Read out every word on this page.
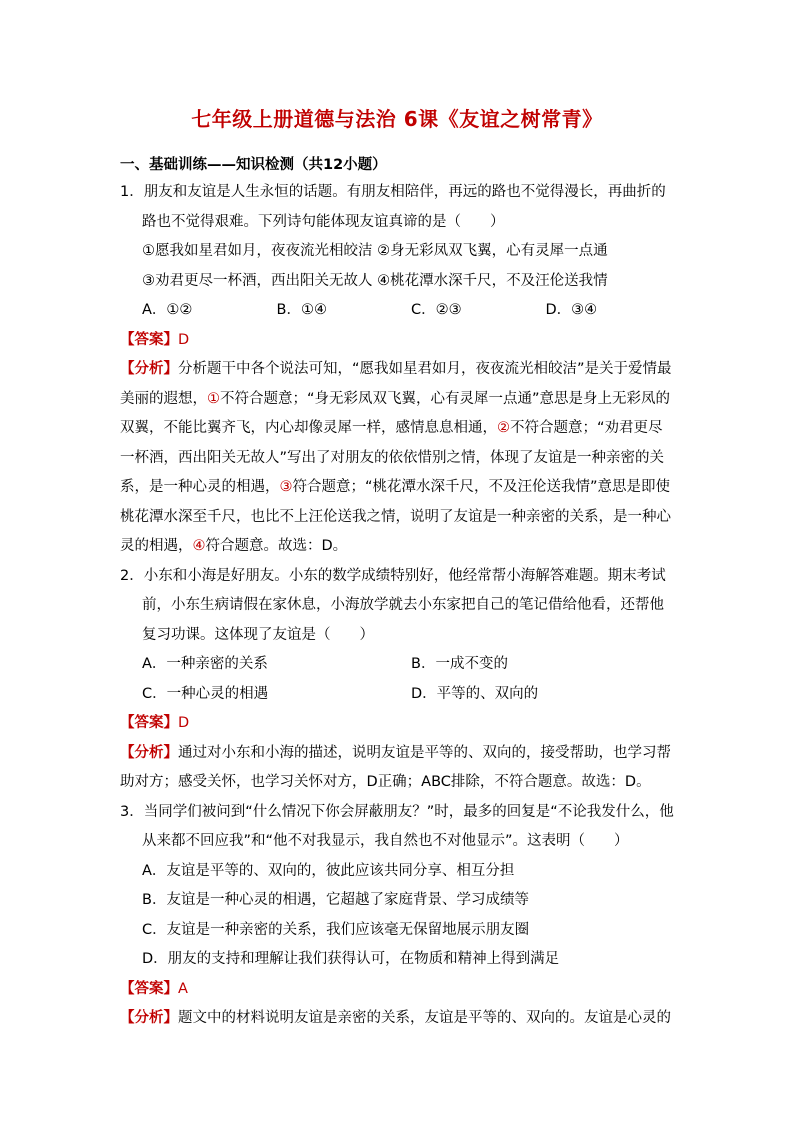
七年级上册道德与法治 6课《友谊之树常青》
一、基础训练——知识检测（共12小题）
1．朋友和友谊是人生永恒的话题。有朋友相陪伴，再远的路也不觉得漫长，再曲折的
路也不觉得艰难。下列诗句能体现友谊真谛的是（　　）
①愿我如星君如月，夜夜流光相皎洁 ②身无彩凤双飞翼，心有灵犀一点通
③劝君更尽一杯酒，西出阳关无故人 ④桃花潭水深千尺，不及汪伦送我情
A．①②	B．①④	C．②③	D．③④
【答案】D
【分析】分析题干中各个说法可知，“愿我如星君如月，夜夜流光相皎洁”是关于爱情最
美丽的遐想，①不符合题意；“身无彩凤双飞翼，心有灵犀一点通”意思是身上无彩凤的
双翼，不能比翼齐飞，内心却像灵犀一样，感情息息相通，②不符合题意；“劝君更尽
一杯酒，西出阳关无故人”写出了对朋友的依依惜别之情，体现了友谊是一种亲密的关
系，是一种心灵的相遇，③符合题意；“桃花潭水深千尺，不及汪伦送我情”意思是即使
桃花潭水深至千尺，也比不上汪伦送我之情，说明了友谊是一种亲密的关系，是一种心
灵的相遇，④符合题意。故选：D。
2．小东和小海是好朋友。小东的数学成绩特别好，他经常帮小海解答难题。期末考试
前，小东生病请假在家休息，小海放学就去小东家把自己的笔记借给他看，还帮他
复习功课。这体现了友谊是（　　）
A．一种亲密的关系	B．一成不变的
C．一种心灵的相遇	D．平等的、双向的
【答案】D
【分析】通过对小东和小海的描述，说明友谊是平等的、双向的，接受帮助，也学习帮
助对方；感受关怀，也学习关怀对方，D正确；ABC排除，不符合题意。故选：D。
3．当同学们被问到“什么情况下你会屏蔽朋友？”时，最多的回复是“不论我发什么，他
从来都不回应我”和“他不对我显示，我自然也不对他显示”。这表明（　　）
A．友谊是平等的、双向的，彼此应该共同分享、相互分担
B．友谊是一种心灵的相遇，它超越了家庭背景、学习成绩等
C．友谊是一种亲密的关系，我们应该毫无保留地展示朋友圈
D．朋友的支持和理解让我们获得认可，在物质和精神上得到满足
【答案】A
【分析】题文中的材料说明友谊是亲密的关系，友谊是平等的、双向的。友谊是心灵的
